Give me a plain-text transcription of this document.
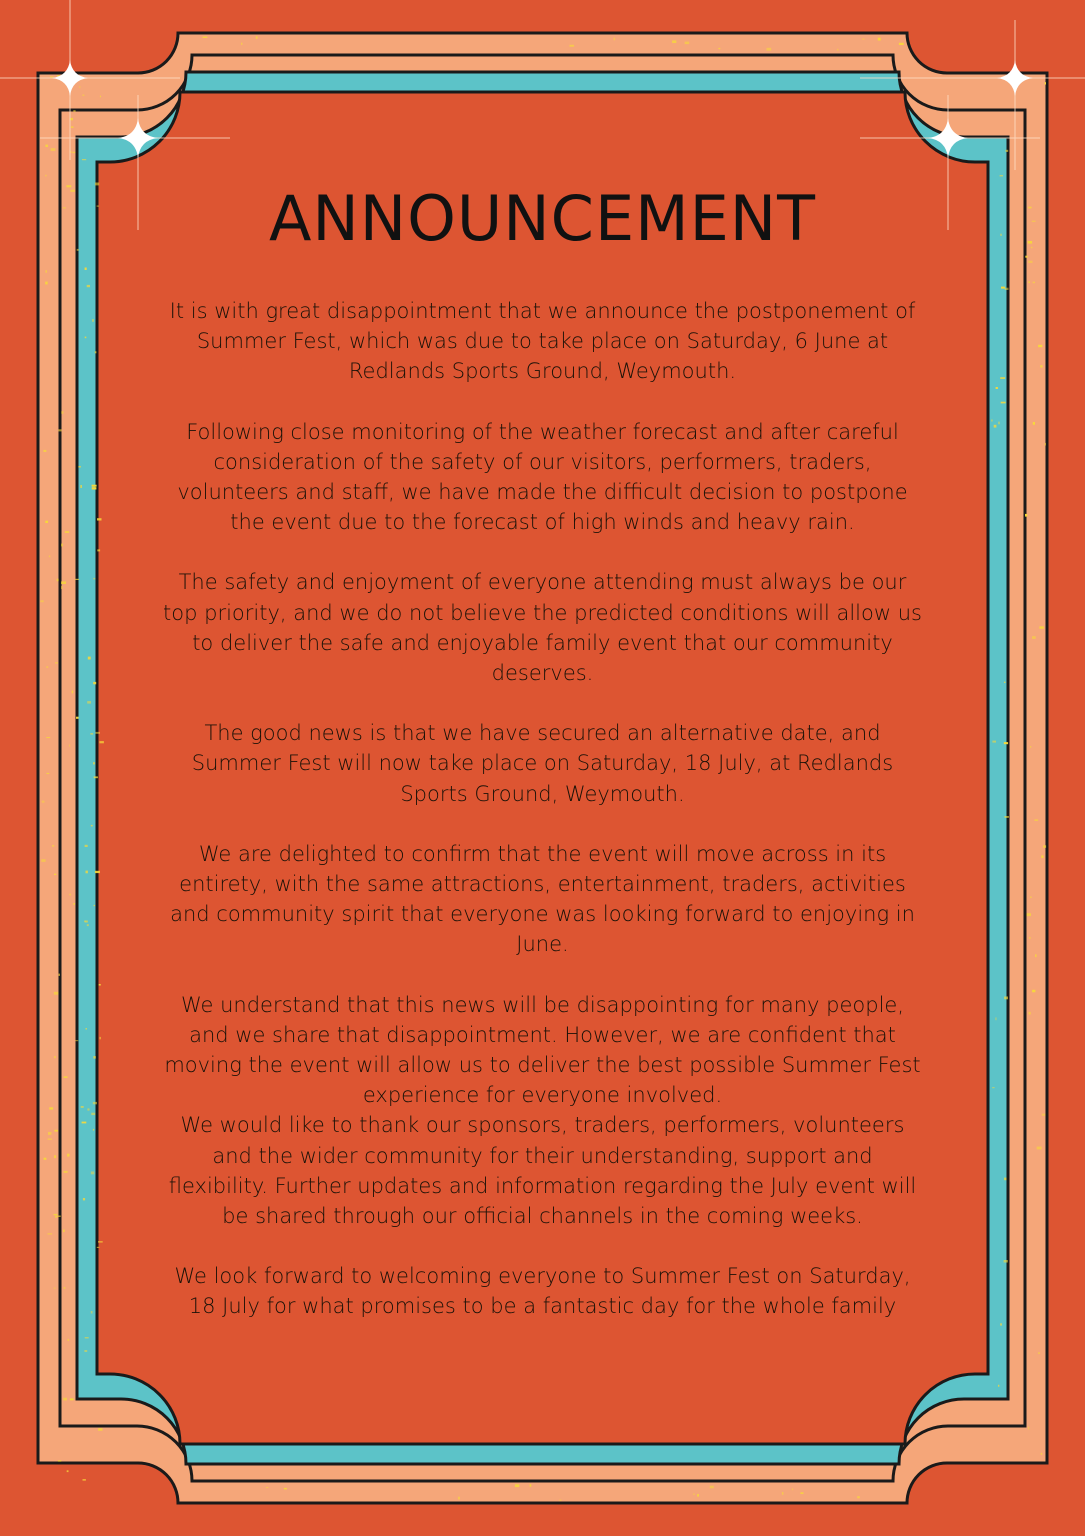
ANNOUNCEMENT

It is with great disappointment that we announce the postponement of Summer Fest, which was due to take place on Saturday, 6 June at Redlands Sports Ground, Weymouth.

Following close monitoring of the weather forecast and after careful consideration of the safety of our visitors, performers, traders, volunteers and staff, we have made the difficult decision to postpone the event due to the forecast of high winds and heavy rain.

The safety and enjoyment of everyone attending must always be our top priority, and we do not believe the predicted conditions will allow us to deliver the safe and enjoyable family event that our community deserves.

The good news is that we have secured an alternative date, and Summer Fest will now take place on Saturday, 18 July, at Redlands Sports Ground, Weymouth.

We are delighted to confirm that the event will move across in its entirety, with the same attractions, entertainment, traders, activities and community spirit that everyone was looking forward to enjoying in June.

We understand that this news will be disappointing for many people, and we share that disappointment. However, we are confident that moving the event will allow us to deliver the best possible Summer Fest experience for everyone involved.

We would like to thank our sponsors, traders, performers, volunteers and the wider community for their understanding, support and flexibility. Further updates and information regarding the July event will be shared through our official channels in the coming weeks.

We look forward to welcoming everyone to Summer Fest on Saturday, 18 July for what promises to be a fantastic day for the whole family
